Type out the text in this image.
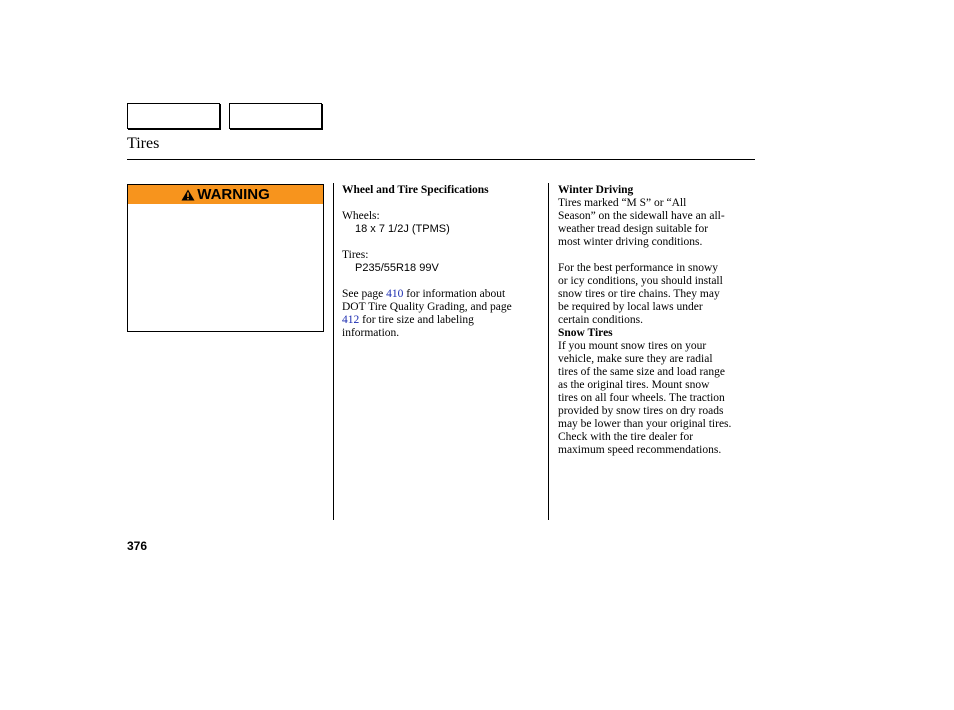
Tires
WARNING	Wheel and Tire Specifications

Wheels:

18 x 7 1/2J (TPMS)

Tires:

P235/55R18 99V

See page 410 for information about

DOT Tire Quality Grading, and page

412 for tire size and labeling

information.

Winter Driving

Tires marked “M S” or “All

Season” on the sidewall have an all-

weather tread design suitable for

most winter driving conditions.

For the best performance in snowy

or icy conditions, you should install

snow tires or tire chains. They may

be required by local laws under

certain conditions.

Snow Tires

If you mount snow tires on your

vehicle, make sure they are radial

tires of the same size and load range

as the original tires. Mount snow

tires on all four wheels. The traction

provided by snow tires on dry roads

may be lower than your original tires.

Check with the tire dealer for

maximum speed recommendations.

376
